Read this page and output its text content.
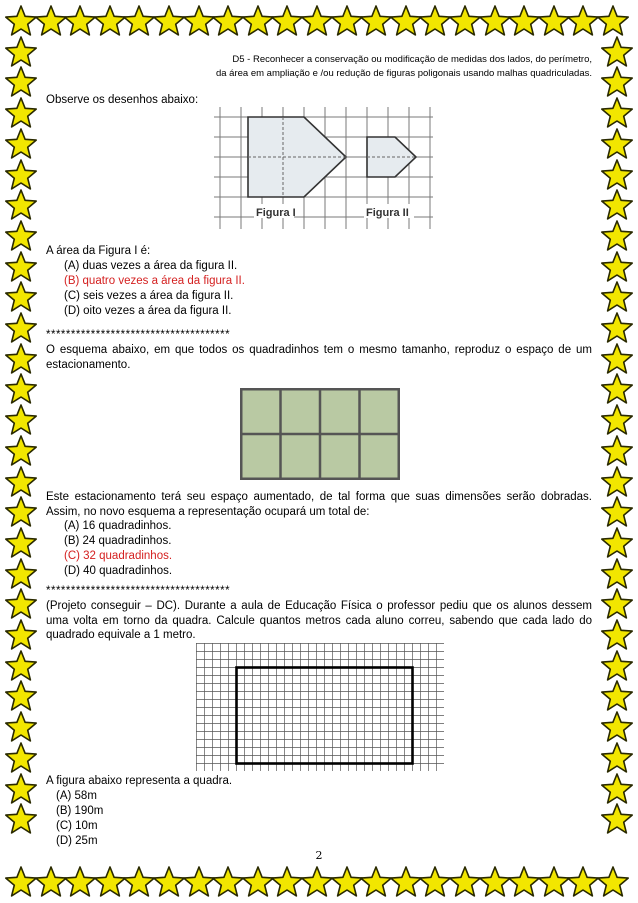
D5 - Reconhecer a conservação ou modificação de medidas dos lados, do perímetro,
da área em ampliação e /ou redução de figuras poligonais usando malhas quadriculadas.
Observe os desenhos abaixo:
Figura I	Figura II
A área da Figura I é:
(A) duas vezes a área da figura II.
(B) quatro vezes a área da figura II.
(C) seis vezes a área da figura II.
(D) oito vezes a área da figura II.
*************************************
O esquema abaixo, em que todos os quadradinhos tem o mesmo tamanho, reproduz o espaço de um estacionamento.
Este estacionamento terá seu espaço aumentado, de tal forma que suas dimensões serão dobradas. Assim, no novo esquema a representação ocupará um total de:
(A) 16 quadradinhos.
(B) 24 quadradinhos.
(C) 32 quadradinhos.
(D) 40 quadradinhos.
*************************************
(Projeto conseguir – DC). Durante a aula de Educação Física o professor pediu que os alunos dessem uma volta em torno da quadra. Calcule quantos metros cada aluno correu, sabendo que cada lado do quadrado equivale a 1 metro.
A figura abaixo representa a quadra.
(A) 58m
(B) 190m
(C) 10m
(D) 25m
2
